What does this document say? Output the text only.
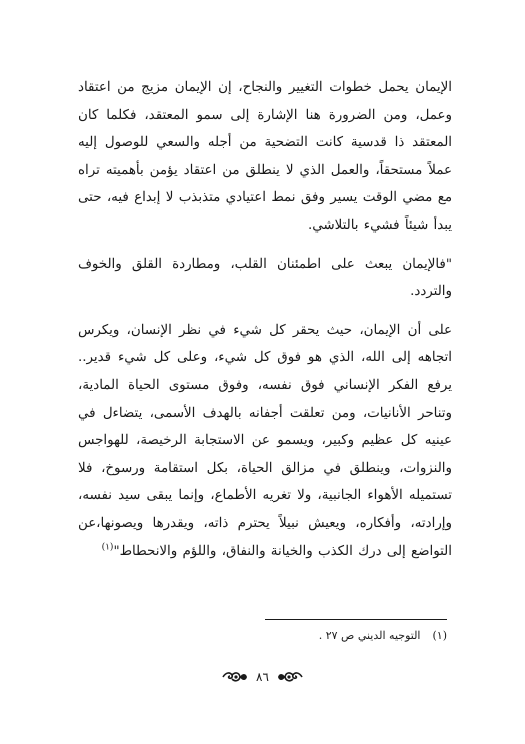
الإيمان يحمل خطوات التغيير والنجاح، إن الإيمان مزيج من اعتقاد وعمل، ومن الضرورة هنا الإشارة إلى سمو المعتقد، فكلما كان المعتقد ذا قدسية كانت التضحية من أجله والسعي للوصول إليه عملاً مستحقاً، والعمل الذي لا ينطلق من اعتقاد يؤمن بأهميته تراه مع مضي الوقت يسير وفق نمط اعتيادي متذبذب لا إبداع فيه، حتى يبدأ شيئاً فشيء بالتلاشي.

"فالإيمان يبعث على اطمئنان القلب، ومطاردة القلق والخوف والتردد.

على أن الإيمان، حيث يحقر كل شيء في نظر الإنسان، ويكرس اتجاهه إلى الله، الذي هو فوق كل شيء، وعلى كل شيء قدير.. يرفع الفكر الإنساني فوق نفسه، وفوق مستوى الحياة المادية، وتناحر الأنانيات، ومن تعلقت أجفانه بالهدف الأسمى، يتضاءل في عينيه كل عظيم وكبير، ويسمو عن الاستجابة الرخيصة، للهواجس والنزوات، وينطلق في مزالق الحياة، بكل استقامة ورسوخ، فلا تستميله الأهواء الجانبية، ولا تغريه الأطماع، وإنما يبقى سيد نفسه، وإرادته، وأفكاره، ويعيش نبيلاً يحترم ذاته، ويقدرها ويصونها،عن التواضع إلى درك الكذب والخيانة والنفاق، واللؤم والانحطاط"$^{(١)}$

(١)التوجيه الديني ص ٢٧ .
٨٦
